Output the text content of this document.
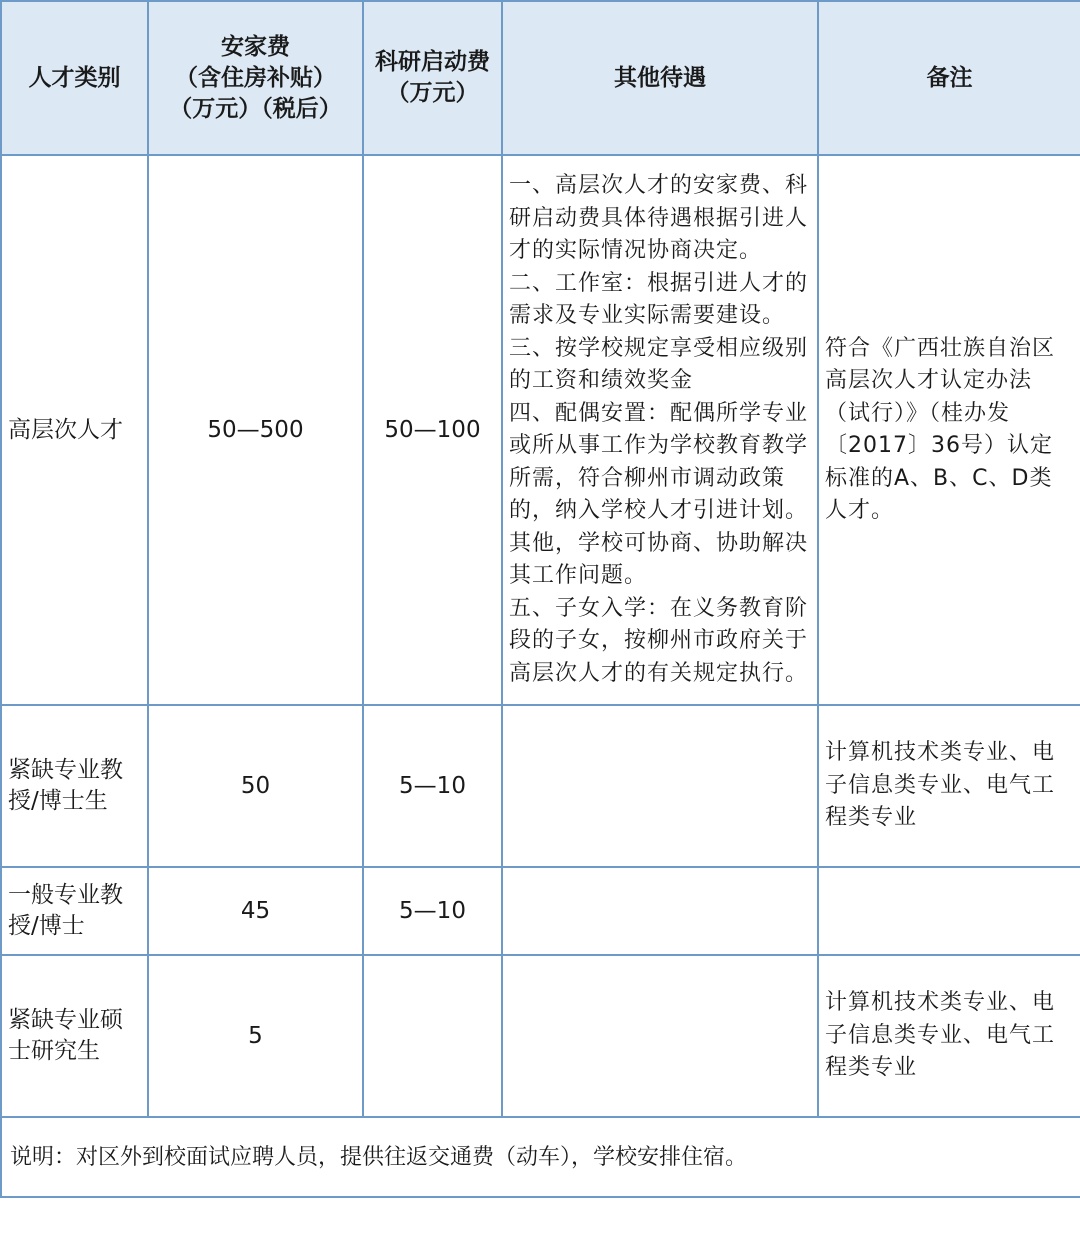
人才类别	安家费
（含住房补贴）
（万元）（税后）	科研启动费
（万元）	其他待遇	备注
高层次人才	50—500	50—100	一、高层次人才的安家费、科研启动费具体待遇根据引进人才的实际情况协商决定。
二、工作室：根据引进人才的需求及专业实际需要建设。
三、按学校规定享受相应级别的工资和绩效奖金
四、配偶安置：配偶所学专业或所从事工作为学校教育教学所需，符合柳州市调动政策的，纳入学校人才引进计划。其他，学校可协商、协助解决其工作问题。
五、子女入学：在义务教育阶段的子女，按柳州市政府关于高层次人才的有关规定执行。	符合《广西壮族自治区高层次人才认定办法（试行）》（桂办发〔2017〕36号）认定标准的A、B、C、D类人才。
紧缺专业教授/博士生	50	5—10		计算机技术类专业、电子信息类专业、电气工程类专业
一般专业教授/博士	45	5—10		
紧缺专业硕士研究生	5			计算机技术类专业、电子信息类专业、电气工程类专业
说明：对区外到校面试应聘人员，提供往返交通费（动车），学校安排住宿。				
